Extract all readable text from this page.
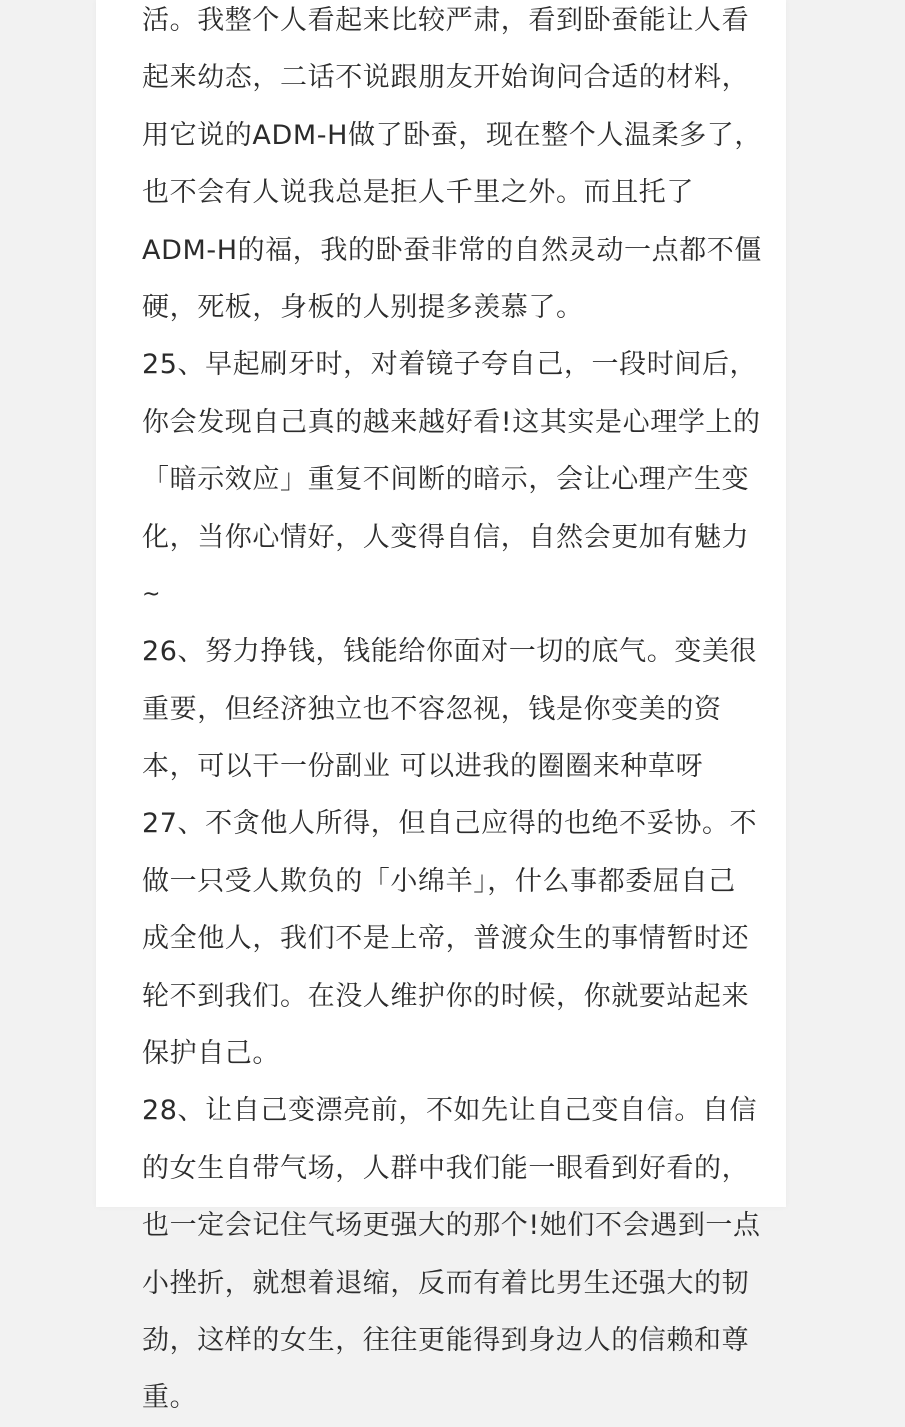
活。我整个人看起来比较严肃，看到卧蚕能让人看
起来幼态，二话不说跟朋友开始询问合适的材料，
用它说的ADM-H做了卧蚕，现在整个人温柔多了，
也不会有人说我总是拒人千里之外。而且托了
ADM-H的福，我的卧蚕非常的自然灵动一点都不僵
硬，死板，身板的人别提多羡慕了。
25、早起刷牙时，对着镜子夸自己，一段时间后，
你会发现自己真的越来越好看!这其实是心理学上的
「暗示效应」重复不间断的暗示，会让心理产生变
化，当你心情好，人变得自信，自然会更加有魅力
~
26、努力挣钱，钱能给你面对一切的底气。变美很
重要，但经济独立也不容忽视，钱是你变美的资
本，可以干一份副业 可以进我的圈圈来种草呀
27、不贪他人所得，但自己应得的也绝不妥协。不
做一只受人欺负的「小绵羊」，什么事都委屈自己
成全他人，我们不是上帝，普渡众生的事情暂时还
轮不到我们。在没人维护你的时候，你就要站起来
保护自己。
28、让自己变漂亮前，不如先让自己变自信。自信
的女生自带气场，人群中我们能一眼看到好看的，
也一定会记住气场更强大的那个!她们不会遇到一点
小挫折，就想着退缩，反而有着比男生还强大的韧
劲，这样的女生，往往更能得到身边人的信赖和尊
重。
